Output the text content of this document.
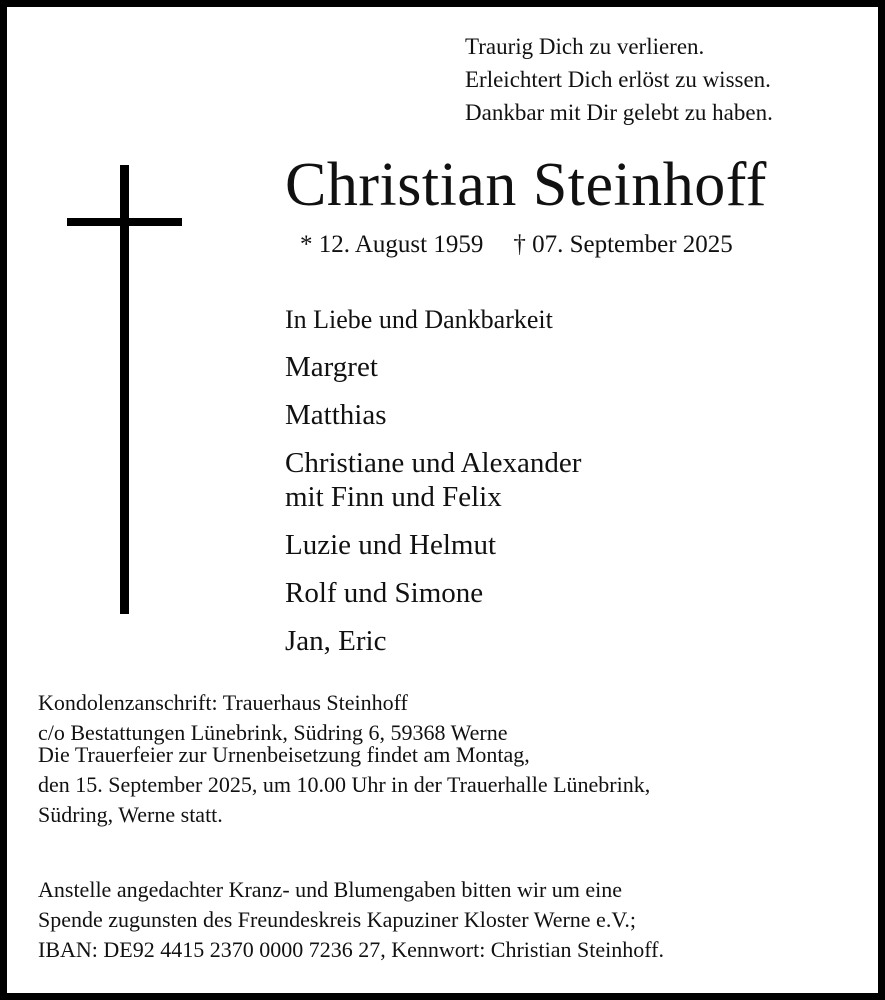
Traurig Dich zu verlieren.
Erleichtert Dich erlöst zu wissen.
Dankbar mit Dir gelebt zu haben.
Christian Steinhoff
* 12. August 1959 † 07. September 2025
In Liebe und Dankbarkeit
Margret
Matthias
Christiane und Alexander
mit Finn und Felix
Luzie und Helmut
Rolf und Simone
Jan, Eric
Kondolenzanschrift: Trauerhaus Steinhoff
c/o Bestattungen Lünebrink, Südring 6, 59368 Werne
Die Trauerfeier zur Urnenbeisetzung findet am Montag,
den 15. September 2025, um 10.00 Uhr in der Trauerhalle Lünebrink,
Südring, Werne statt.
Anstelle angedachter Kranz- und Blumengaben bitten wir um eine
Spende zugunsten des Freundeskreis Kapuziner Kloster Werne e.V.;
IBAN: DE92 4415 2370 0000 7236 27, Kennwort: Christian Steinhoff.
